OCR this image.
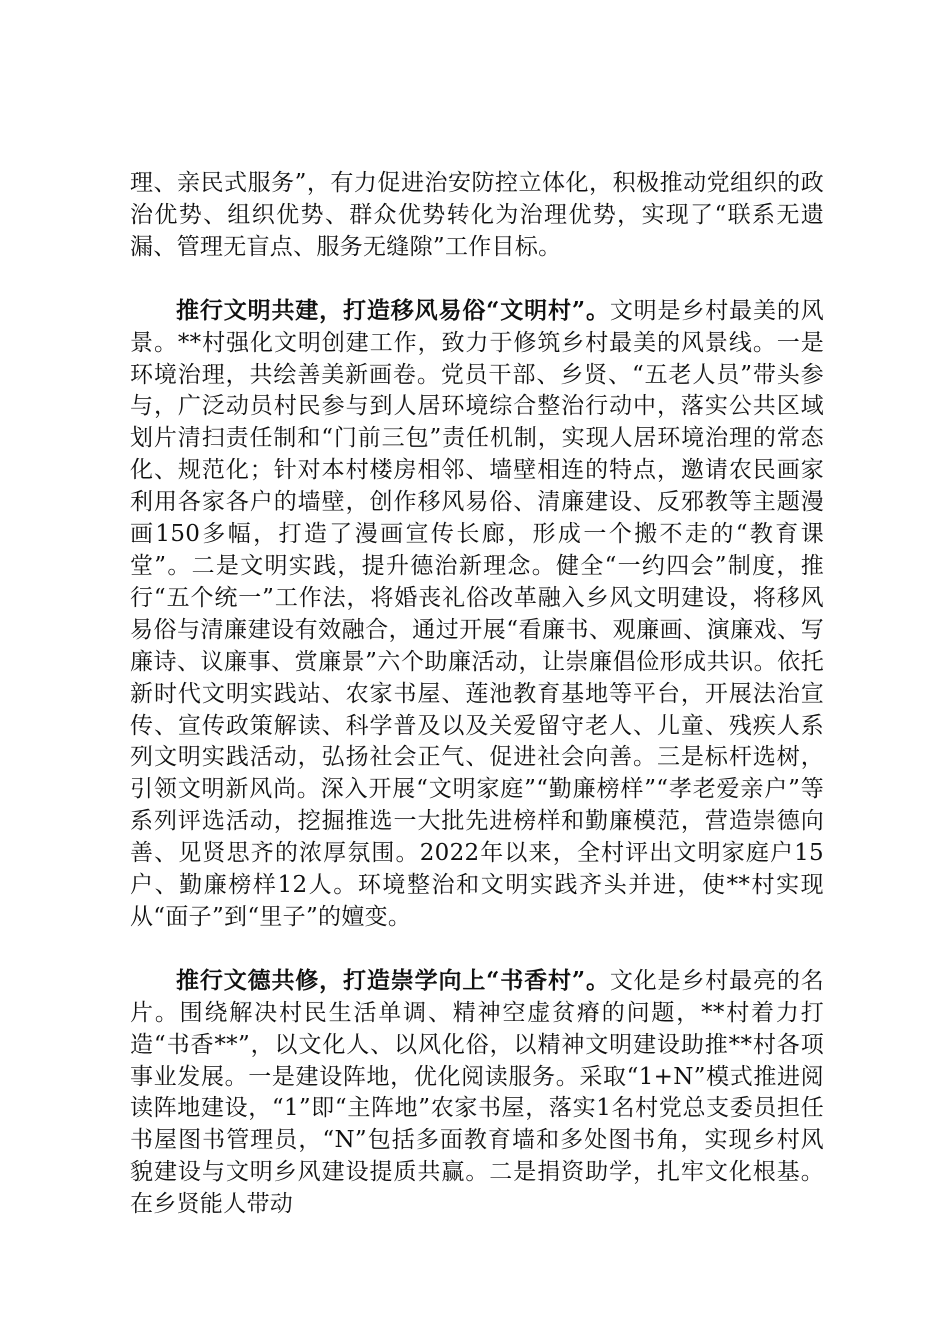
理、亲民式服务”，有力促进治安防控立体化，积极推动党组织的政治优势、组织优势、群众优势转化为治理优势，实现了“联系无遗漏、管理无盲点、服务无缝隙”工作目标。

推行文明共建，打造移风易俗“文明村”。文明是乡村最美的风景。**村强化文明创建工作，致力于修筑乡村最美的风景线。一是环境治理，共绘善美新画卷。党员干部、乡贤、“五老人员”带头参与，广泛动员村民参与到人居环境综合整治行动中，落实公共区域划片清扫责任制和“门前三包”责任机制，实现人居环境治理的常态化、规范化；针对本村楼房相邻、墙壁相连的特点，邀请农民画家利用各家各户的墙壁，创作移风易俗、清廉建设、反邪教等主题漫画150多幅，打造了漫画宣传长廊，形成一个搬不走的“教育课堂”。二是文明实践，提升德治新理念。健全“一约四会”制度，推行“五个统一”工作法，将婚丧礼俗改革融入乡风文明建设，将移风易俗与清廉建设有效融合，通过开展“看廉书、观廉画、演廉戏、写廉诗、议廉事、赏廉景”六个助廉活动，让崇廉倡俭形成共识。依托新时代文明实践站、农家书屋、莲池教育基地等平台，开展法治宣传、宣传政策解读、科学普及以及关爱留守老人、儿童、残疾人系列文明实践活动，弘扬社会正气、促进社会向善。三是标杆选树，引领文明新风尚。深入开展“文明家庭”“勤廉榜样”“孝老爱亲户”等系列评选活动，挖掘推选一大批先进榜样和勤廉模范，营造崇德向善、见贤思齐的浓厚氛围。2022年以来，全村评出文明家庭户15户、勤廉榜样12人。环境整治和文明实践齐头并进，使**村实现从“面子”到“里子”的嬗变。

推行文德共修，打造崇学向上“书香村”。文化是乡村最亮的名片。围绕解决村民生活单调、精神空虚贫瘠的问题，**村着力打造“书香**”，以文化人、以风化俗，以精神文明建设助推**村各项事业发展。一是建设阵地，优化阅读服务。采取“1+N”模式推进阅读阵地建设，“1”即“主阵地”农家书屋，落实1名村党总支委员担任书屋图书管理员，“N”包括多面教育墙和多处图书角，实现乡村风貌建设与文明乡风建设提质共赢。二是捐资助学，扎牢文化根基。在乡贤能人带动
